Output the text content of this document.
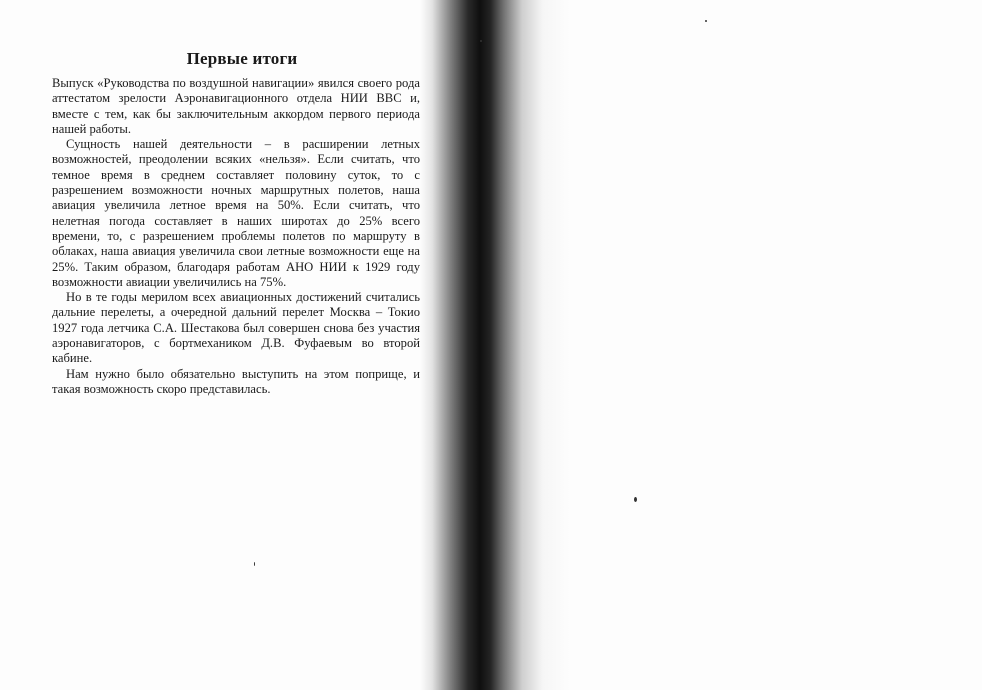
Первые итоги

Выпуск «Руководства по воздушной навигации» явился своего рода аттестатом зрелости Аэронавигационного отдела НИИ ВВС и, вместе с тем, как бы заключительным аккордом первого периода нашей работы.

Сущность нашей деятельности – в расширении летных возможностей, преодолении всяких «нельзя». Если считать, что темное время в среднем составляет половину суток, то с разрешением возможности ночных маршрутных полетов, наша авиация увеличила летное время на 50%. Если считать, что нелетная погода составляет в наших широтах до 25% всего времени, то, с разрешением проблемы полетов по маршруту в облаках, наша авиация увеличила свои летные возможности еще на 25%. Таким образом, благодаря работам АНО НИИ к 1929 году возможности авиации увеличились на 75%.

Но в те годы мерилом всех авиационных достижений считались дальние перелеты, а очередной дальний перелет Москва – Токио 1927 года летчика С.А. Шестакова был совершен снова без участия аэронавигаторов, с бортмехаником Д.В. Фуфаевым во второй кабине.

Нам нужно было обязательно выступить на этом поприще, и такая возможность скоро представилась.
